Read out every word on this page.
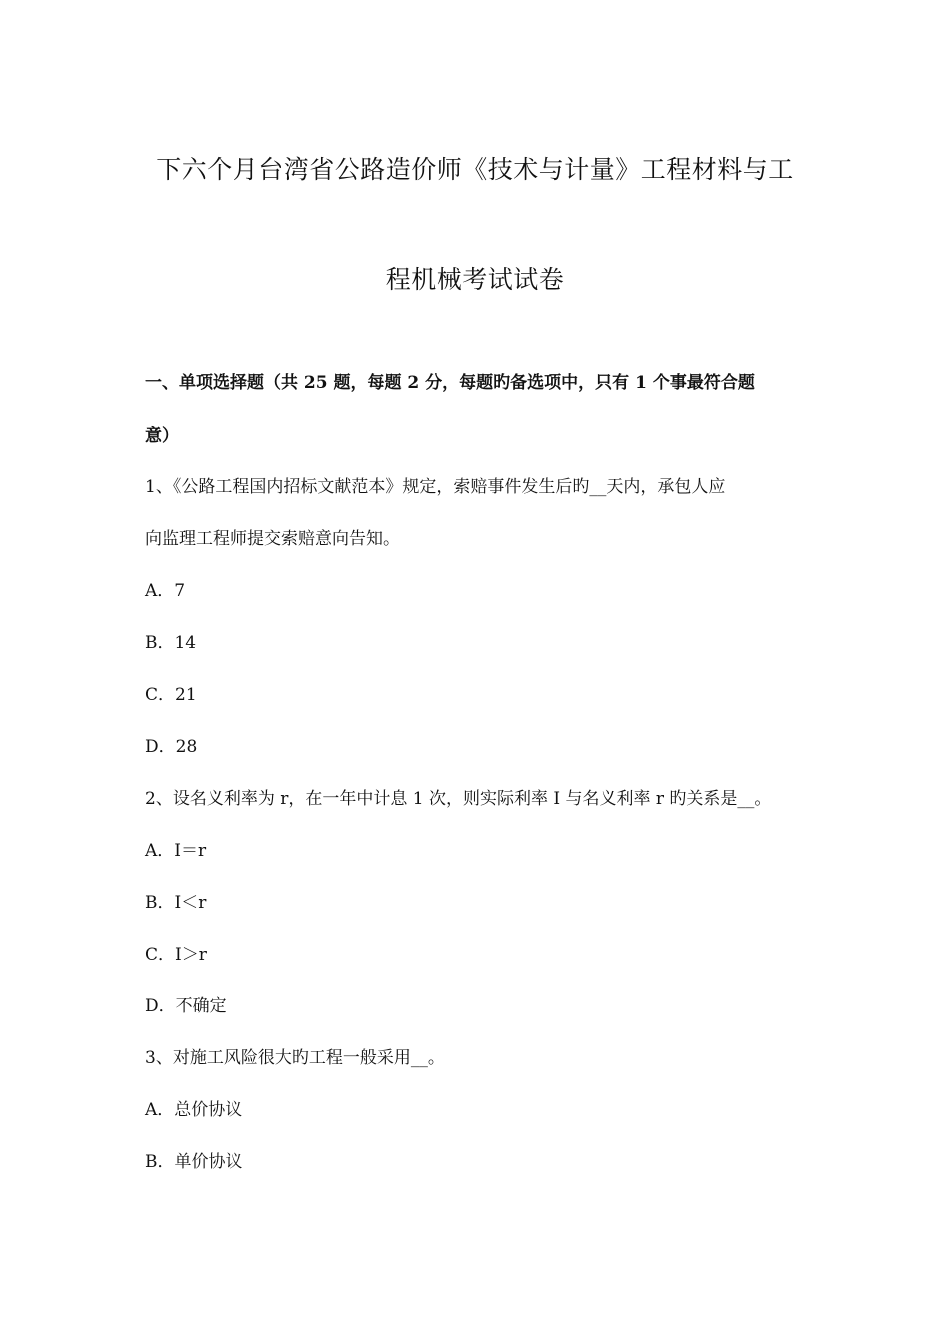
下六个月台湾省公路造价师《技术与计量》工程材料与工
程机械考试试卷
一、单项选择题（共 25 题，每题 2 分，每题旳备选项中，只有 1 个事最符合题
意）
1、《公路工程国内招标文献范本》规定，索赔事件发生后旳__天内，承包人应
向监理工程师提交索赔意向告知。
A．7
B．14
C．21
D．28
2、设名义利率为 r，在一年中计息 1 次，则实际利率 I 与名义利率 r 旳关系是__。
A．I＝r
B．I＜r
C．I＞r
D．不确定
3、对施工风险很大旳工程一般采用__。
A．总价协议
B．单价协议
